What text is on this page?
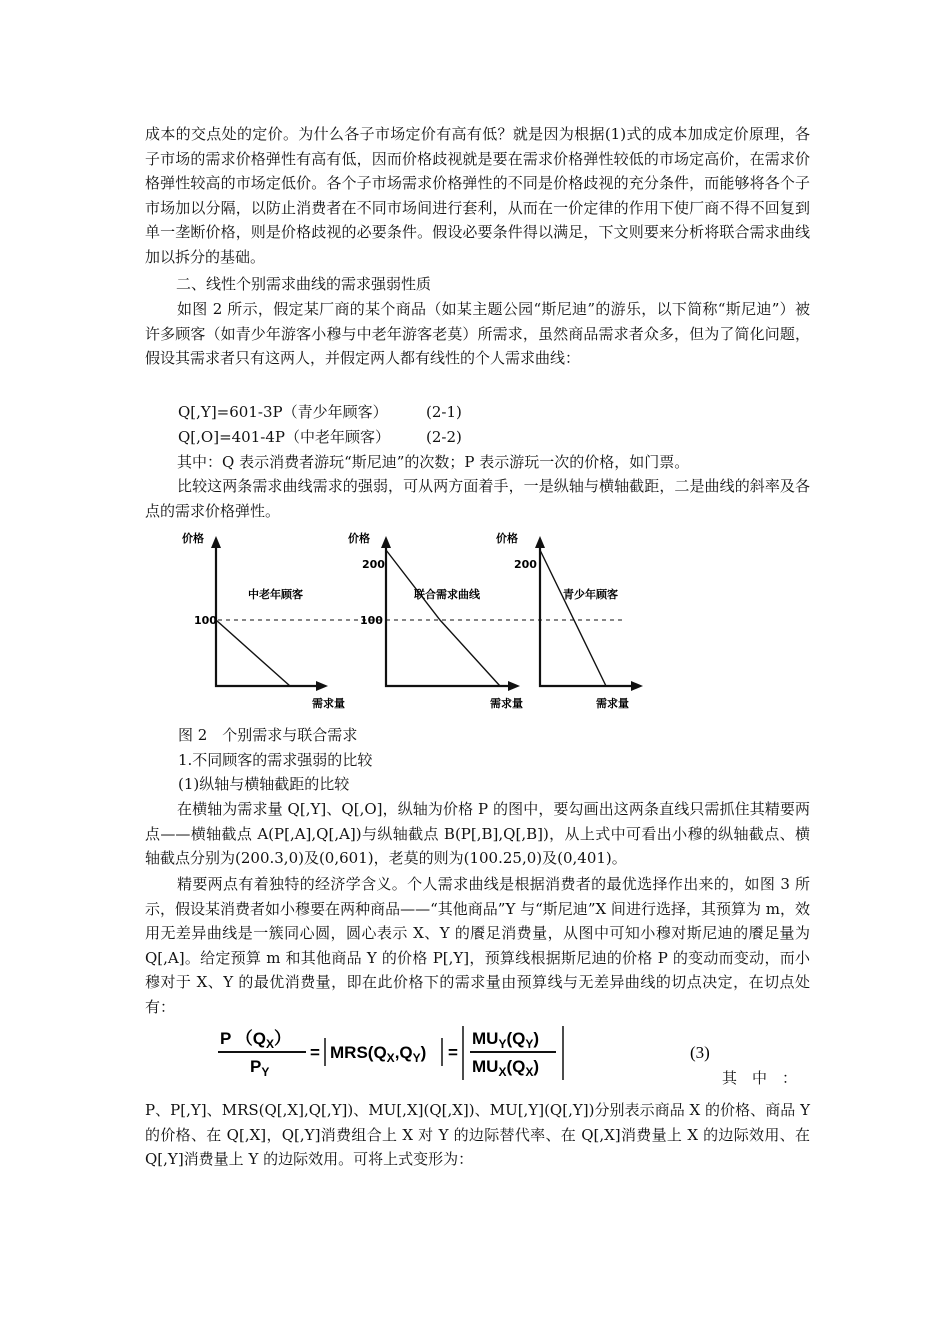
成本的交点处的定价。为什么各子市场定价有高有低？就是因为根据(1)式的成本加成定价原理，各子市场的需求价格弹性有高有低，因而价格歧视就是要在需求价格弹性较低的市场定高价，在需求价格弹性较高的市场定低价。各个子市场需求价格弹性的不同是价格歧视的充分条件，而能够将各个子市场加以分隔，以防止消费者在不同市场间进行套利，从而在一价定律的作用下使厂商不得不回复到单一垄断价格，则是价格歧视的必要条件。假设必要条件得以满足，下文则要来分析将联合需求曲线加以拆分的基础。

二、线性个别需求曲线的需求强弱性质

如图 2 所示，假定某厂商的某个商品（如某主题公园“斯尼迪”的游乐，以下简称“斯尼迪”）被许多顾客（如青少年游客小穆与中老年游客老莫）所需求，虽然商品需求者众多，但为了简化问题，假设其需求者只有这两人，并假定两人都有线性的个人需求曲线：

Q[,Y]=601-3P（青少年顾客）	(2-1)
Q[,O]=401-4P（中老年顾客） (2-2)

其中：Q 表示消费者游玩“斯尼迪”的次数；P 表示游玩一次的价格，如门票。

比较这两条需求曲线需求的强弱，可从两方面着手，一是纵轴与横轴截距，二是曲线的斜率及各点的需求价格弹性。

价格
100
中老年顾客
需求量
价格
200
100
联合需求曲线
需求量
价格
200
青少年顾客
需求量
图 2　个别需求与联合需求
1.不同顾客的需求强弱的比较
(1)纵轴与横轴截距的比较

在横轴为需求量 Q[,Y]、Q[,O]，纵轴为价格 P 的图中，要勾画出这两条直线只需抓住其精要两点——横轴截点 A(P[,A],Q[,A])与纵轴截点 B(P[,B],Q[,B])，从上式中可看出小穆的纵轴截点、横轴截点分别为(200.3,0)及(0,601)，老莫的则为(100.25,0)及(0,401)。

精要两点有着独特的经济学含义。个人需求曲线是根据消费者的最优选择作出来的，如图 3 所示，假设某消费者如小穆要在两种商品——“其他商品”Y 与“斯尼迪”X 间进行选择，其预算为 m，效用无差异曲线是一簇同心圆，圆心表示 X、Y 的餍足消费量，从图中可知小穆对斯尼迪的餍足量为 Q[,A]。给定预算 m 和其他商品 Y 的价格 P[,Y]，预算线根据斯尼迪的价格 P 的变动而变动，而小穆对于 X、Y 的最优消费量，即在此价格下的需求量由预算线与无差异曲线的切点决定，在切点处有：

P $(Q_X)$
$P_Y$
= $MRS(Q_X,Q_Y)$ =
$MU_Y(Q_Y)$
$MU_X(Q_X)$
(3)
其　中　：

P、P[,Y]、MRS(Q[,X],Q[,Y])、MU[,X](Q[,X])、MU[,Y](Q[,Y])分别表示商品 X 的价格、商品 Y 的价格、在 Q[,X]，Q[,Y]消费组合上 X 对 Y 的边际替代率、在 Q[,X]消费量上 X 的边际效用、在 Q[,Y]消费量上 Y 的边际效用。可将上式变形为：
